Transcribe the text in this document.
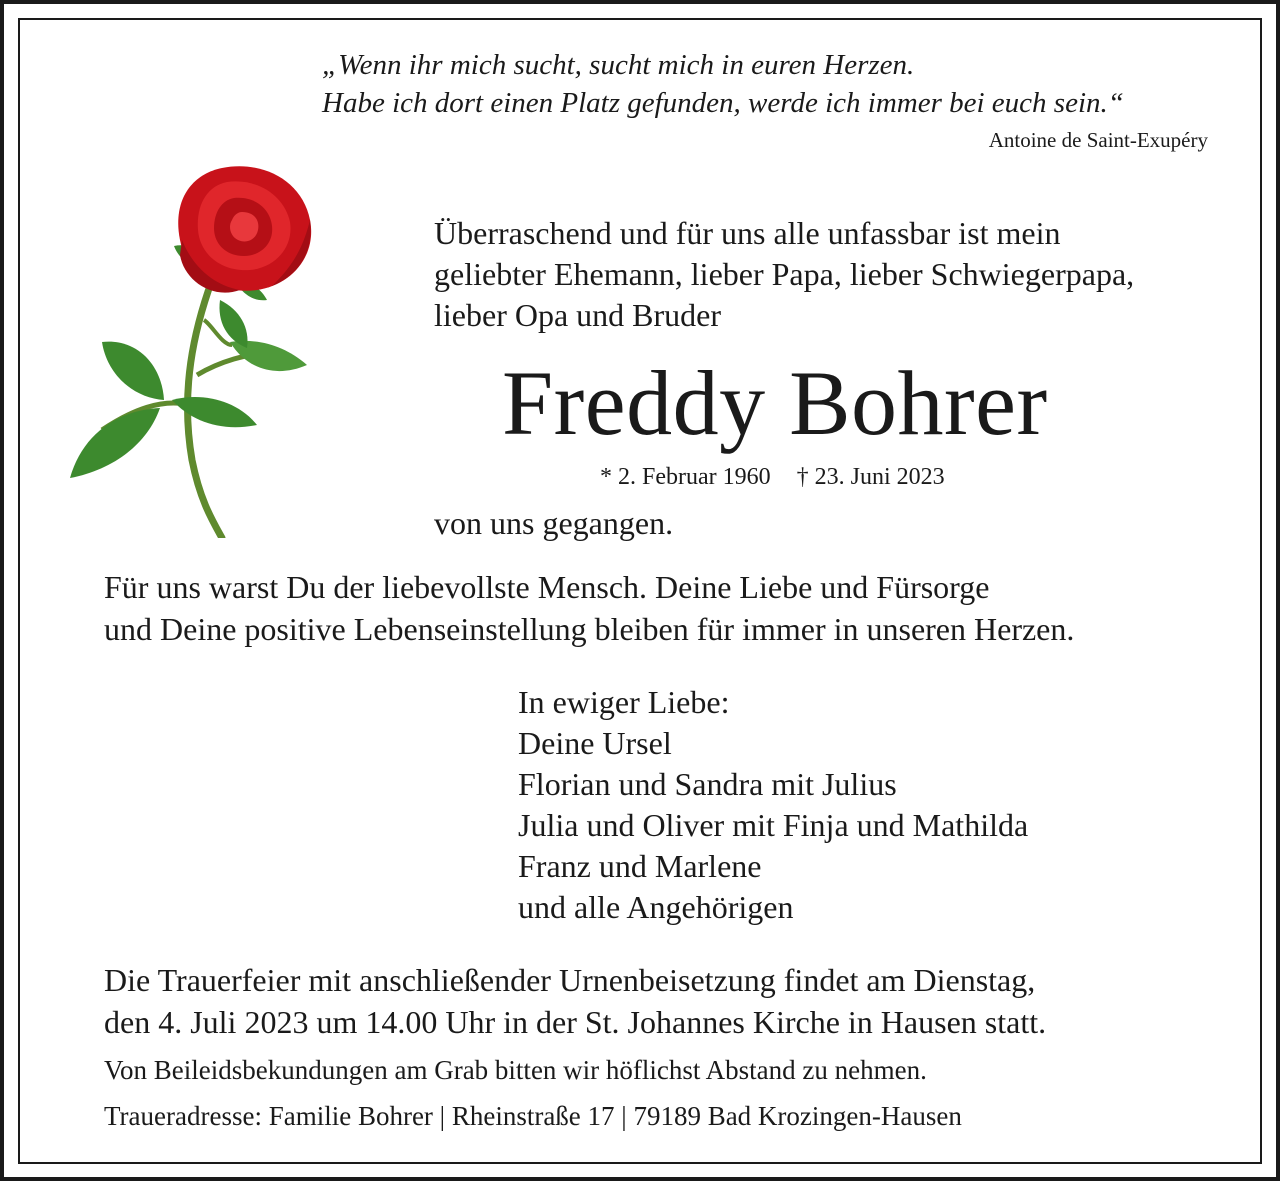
„Wenn ihr mich sucht, sucht mich in euren Herzen.

Habe ich dort einen Platz gefunden, werde ich immer bei euch sein.“

Antoine de Saint-Exupéry

Überraschend und für uns alle unfassbar ist mein
geliebter Ehemann, lieber Papa, lieber Schwiegerpapa,
lieber Opa und Bruder

Freddy Bohrer

* 2. Februar 1960 † 23. Juni 2023

von uns gegangen.

Für uns warst Du der liebevollste Mensch. Deine Liebe und Fürsorge
und Deine positive Lebenseinstellung bleiben für immer in unseren Herzen.

In ewiger Liebe:
Deine Ursel
Florian und Sandra mit Julius
Julia und Oliver mit Finja und Mathilda
Franz und Marlene
und alle Angehörigen

Die Trauerfeier mit anschließender Urnenbeisetzung findet am Dienstag,
den 4. Juli 2023 um 14.00 Uhr in der St. Johannes Kirche in Hausen statt.

Von Beileidsbekundungen am Grab bitten wir höflichst Abstand zu nehmen.

Traueradresse: Familie Bohrer | Rheinstraße 17 | 79189 Bad Krozingen-Hausen
